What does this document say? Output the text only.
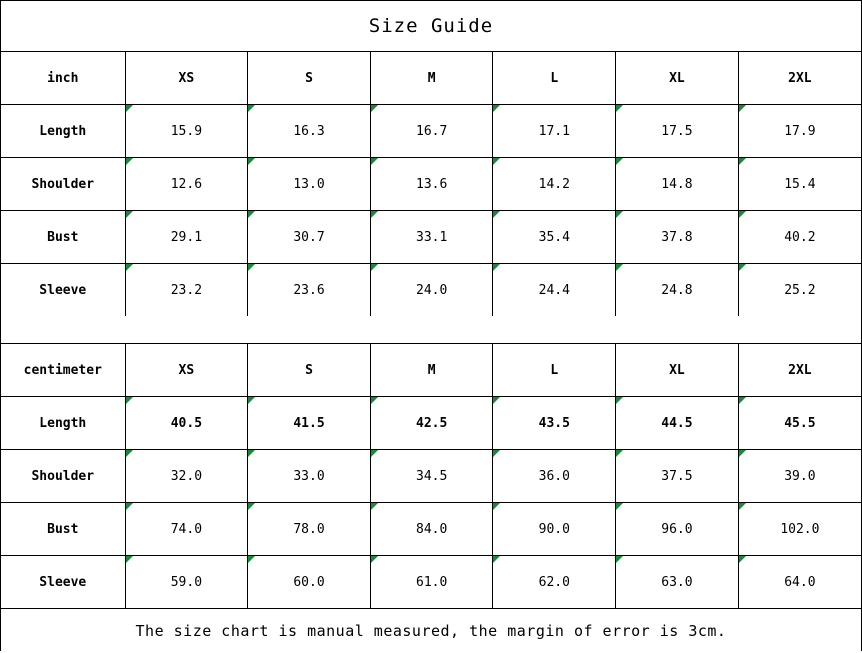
Size Guide
inch	XS	S	M	L	XL	2XL
Length	15.9	16.3	16.7	17.1	17.5	17.9
Shoulder	12.6	13.0	13.6	14.2	14.8	15.4
Bust	29.1	30.7	33.1	35.4	37.8	40.2
Sleeve	23.2	23.6	24.0	24.4	24.8	25.2
centimeter	XS	S	M	L	XL	2XL
Length	40.5	41.5	42.5	43.5	44.5	45.5
Shoulder	32.0	33.0	34.5	36.0	37.5	39.0
Bust	74.0	78.0	84.0	90.0	96.0	102.0
Sleeve	59.0	60.0	61.0	62.0	63.0	64.0
The size chart is manual measured, the margin of error is 3cm.
